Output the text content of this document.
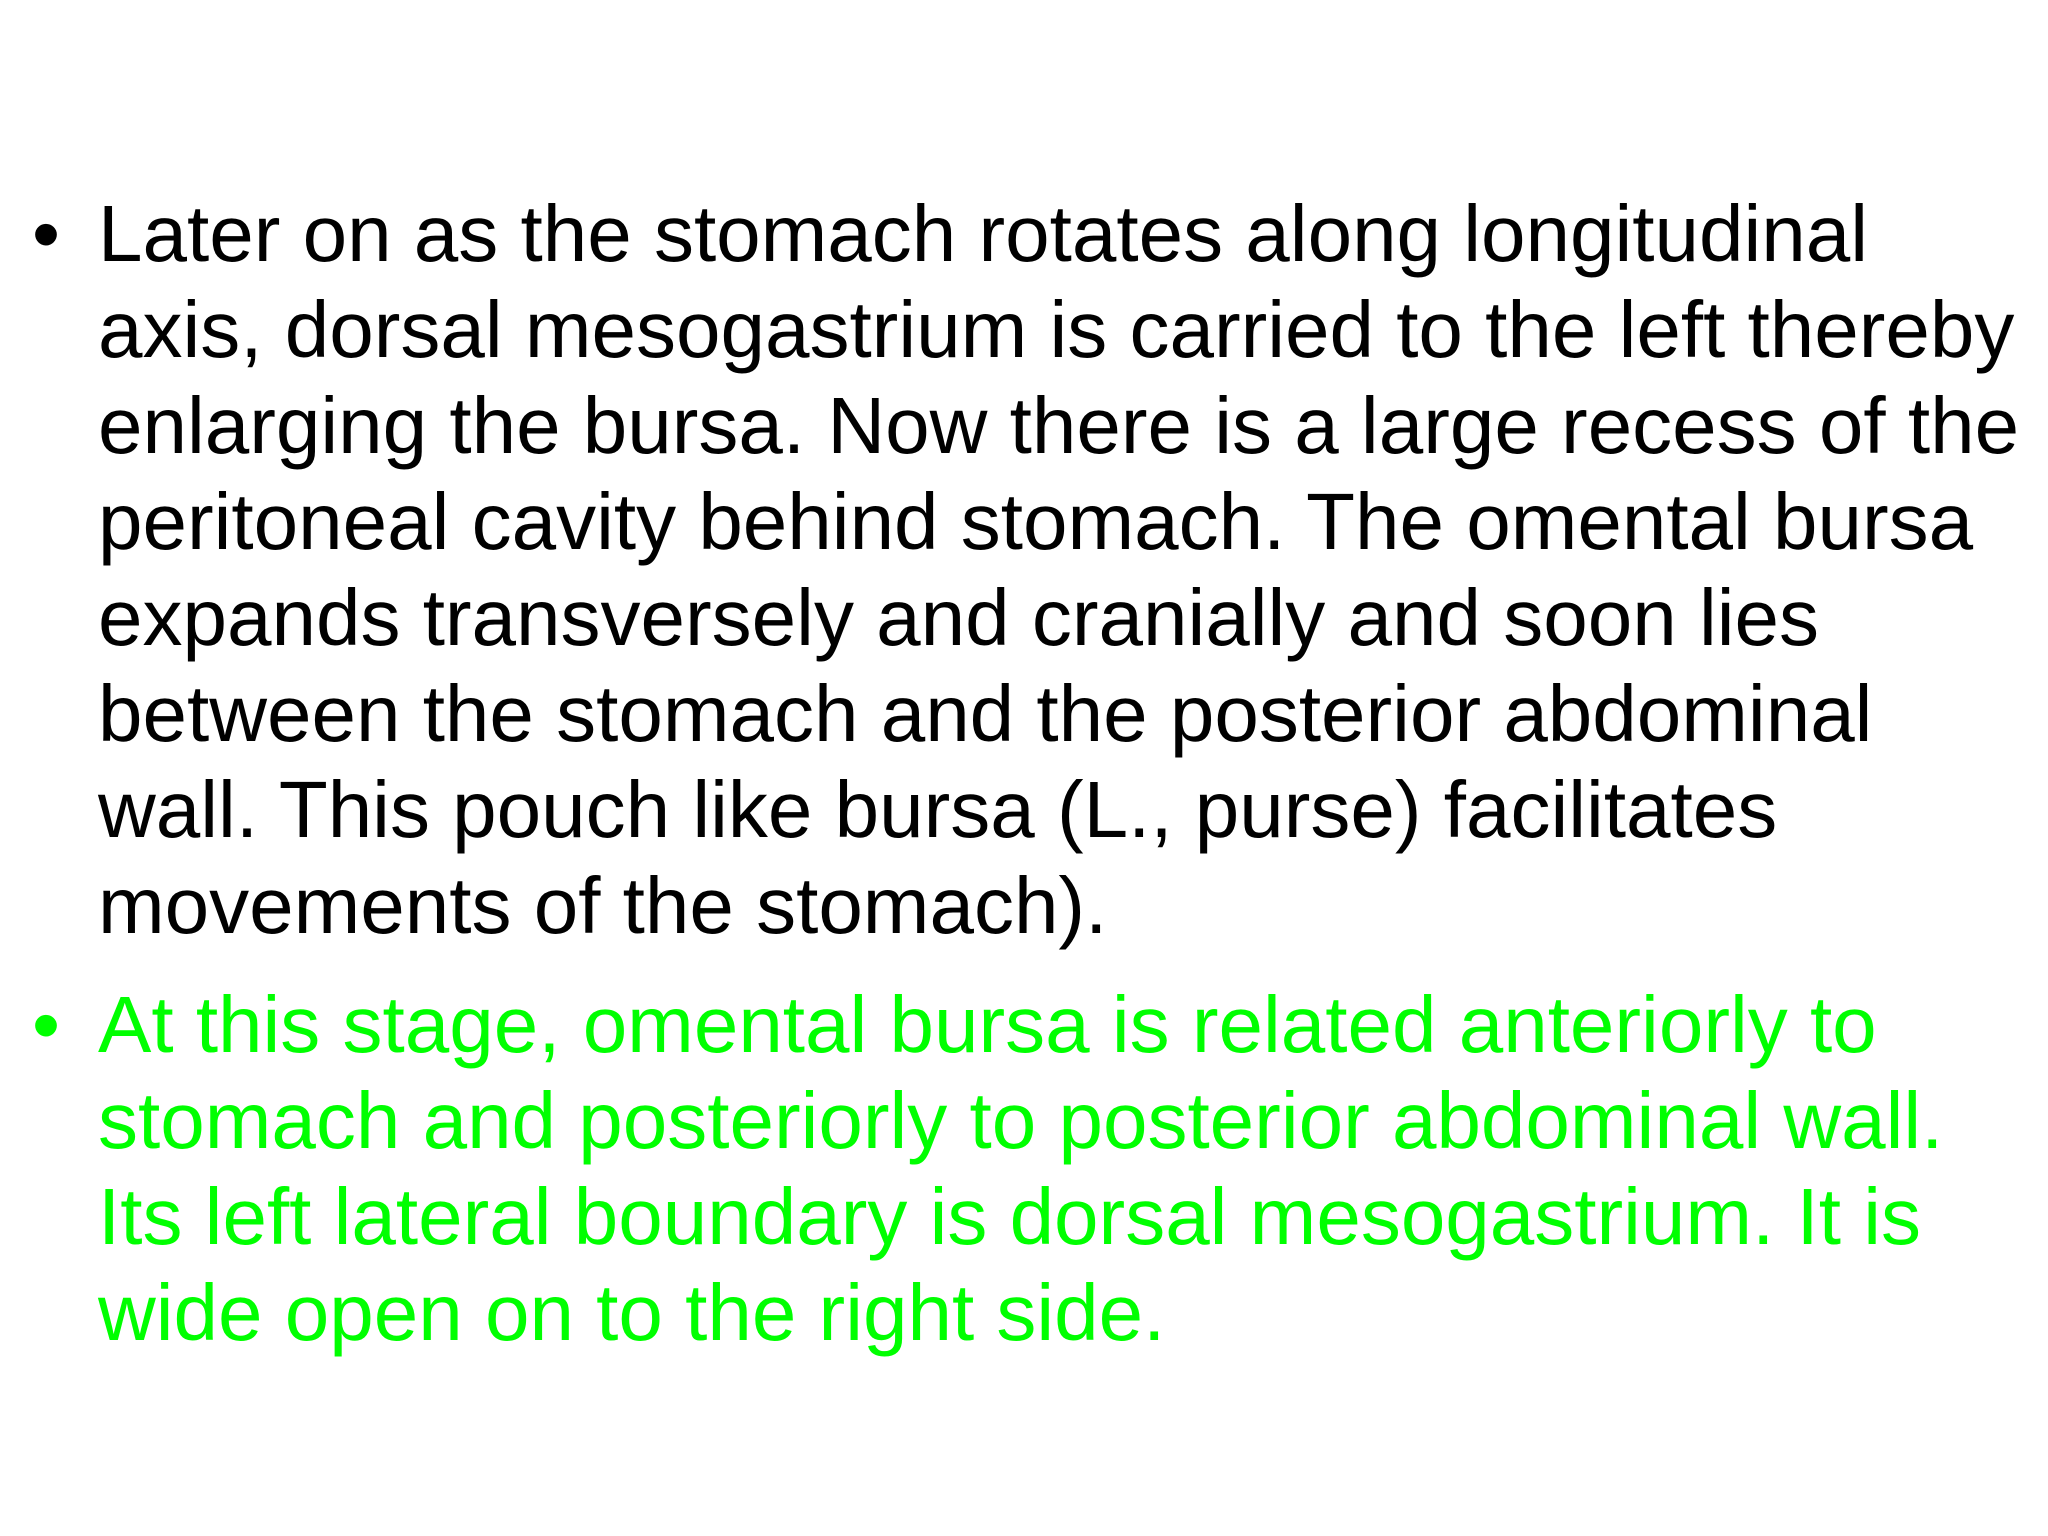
• Later on as the stomach rotates along longitudinal
axis, dorsal mesogastrium is carried to the left thereby
enlarging the bursa. Now there is a large recess of the
peritoneal cavity behind stomach. The omental bursa
expands transversely and cranially and soon lies
between the stomach and the posterior abdominal
wall. This pouch like bursa (L., purse) facilitates
movements of the stomach).
• At this stage, omental bursa is related anteriorly to
stomach and posteriorly to posterior abdominal wall.
Its left lateral boundary is dorsal mesogastrium. It is
wide open on to the right side.
